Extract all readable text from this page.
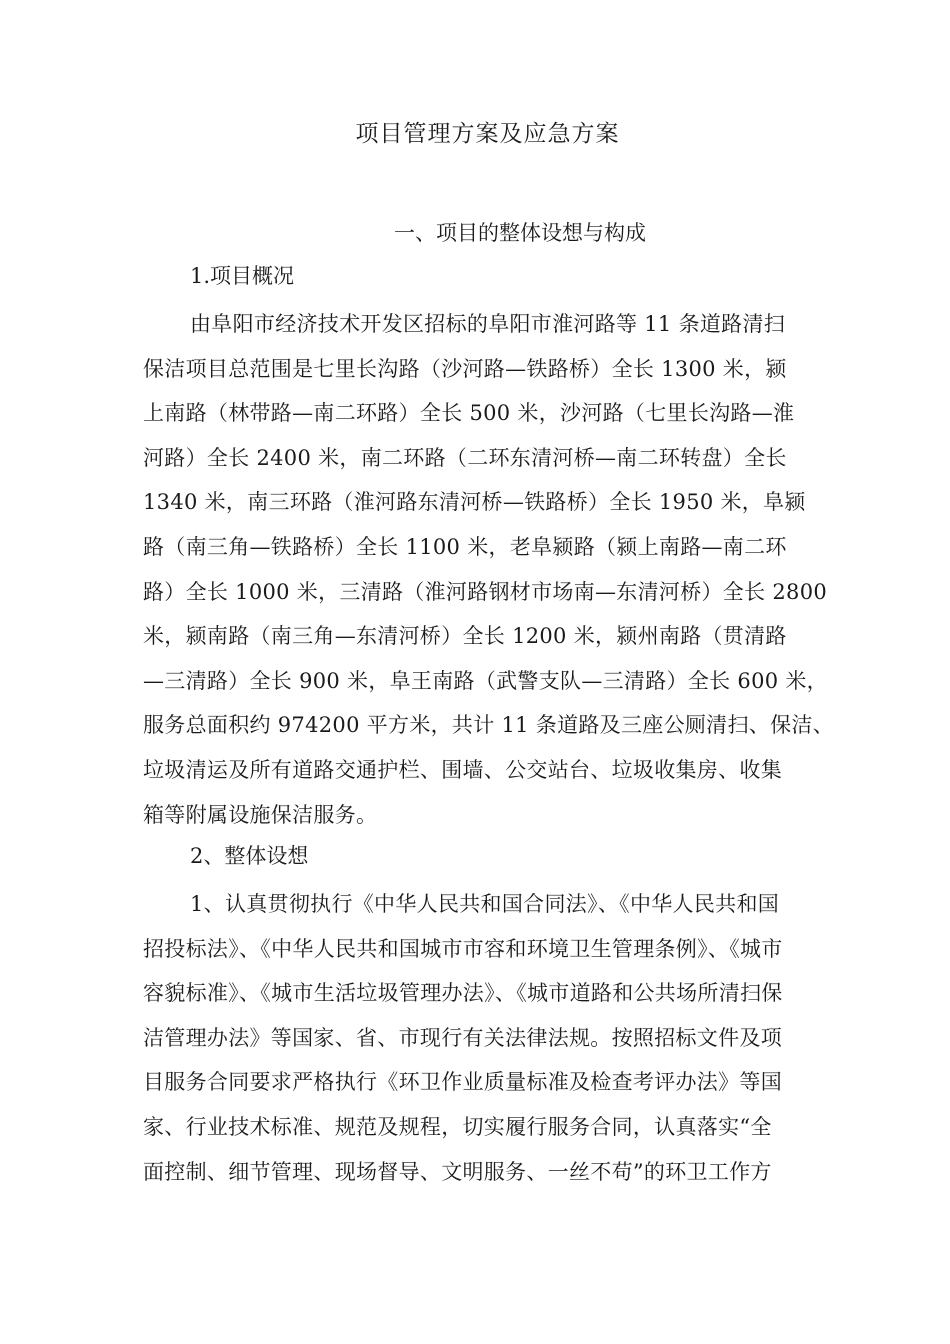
项目管理方案及应急方案
一、项目的整体设想与构成
1.项目概况
由阜阳市经济技术开发区招标的阜阳市淮河路等 11 条道路清扫
保洁项目总范围是七里长沟路（沙河路—铁路桥）全长 1300 米，颍
上南路（林带路—南二环路）全长 500 米，沙河路（七里长沟路—淮
河路）全长 2400 米，南二环路（二环东清河桥—南二环转盘）全长
1340 米，南三环路（淮河路东清河桥—铁路桥）全长 1950 米，阜颍
路（南三角—铁路桥）全长 1100 米，老阜颍路（颍上南路—南二环
路）全长 1000 米，三清路（淮河路钢材市场南—东清河桥）全长 2800
米，颍南路（南三角—东清河桥）全长 1200 米，颍州南路（贯清路
—三清路）全长 900 米，阜王南路（武警支队—三清路）全长 600 米，
服务总面积约 974200 平方米，共计 11 条道路及三座公厕清扫、保洁、
垃圾清运及所有道路交通护栏、围墙、公交站台、垃圾收集房、收集
箱等附属设施保洁服务。
2、整体设想
1、认真贯彻执行《中华人民共和国合同法》、《中华人民共和国
招投标法》、《中华人民共和国城市市容和环境卫生管理条例》、《城市
容貌标准》、《城市生活垃圾管理办法》、《城市道路和公共场所清扫保
洁管理办法》等国家、省、市现行有关法律法规。按照招标文件及项
目服务合同要求严格执行《环卫作业质量标准及检查考评办法》等国
家、行业技术标准、规范及规程，切实履行服务合同，认真落实“全
面控制、细节管理、现场督导、文明服务、一丝不苟”的环卫工作方
